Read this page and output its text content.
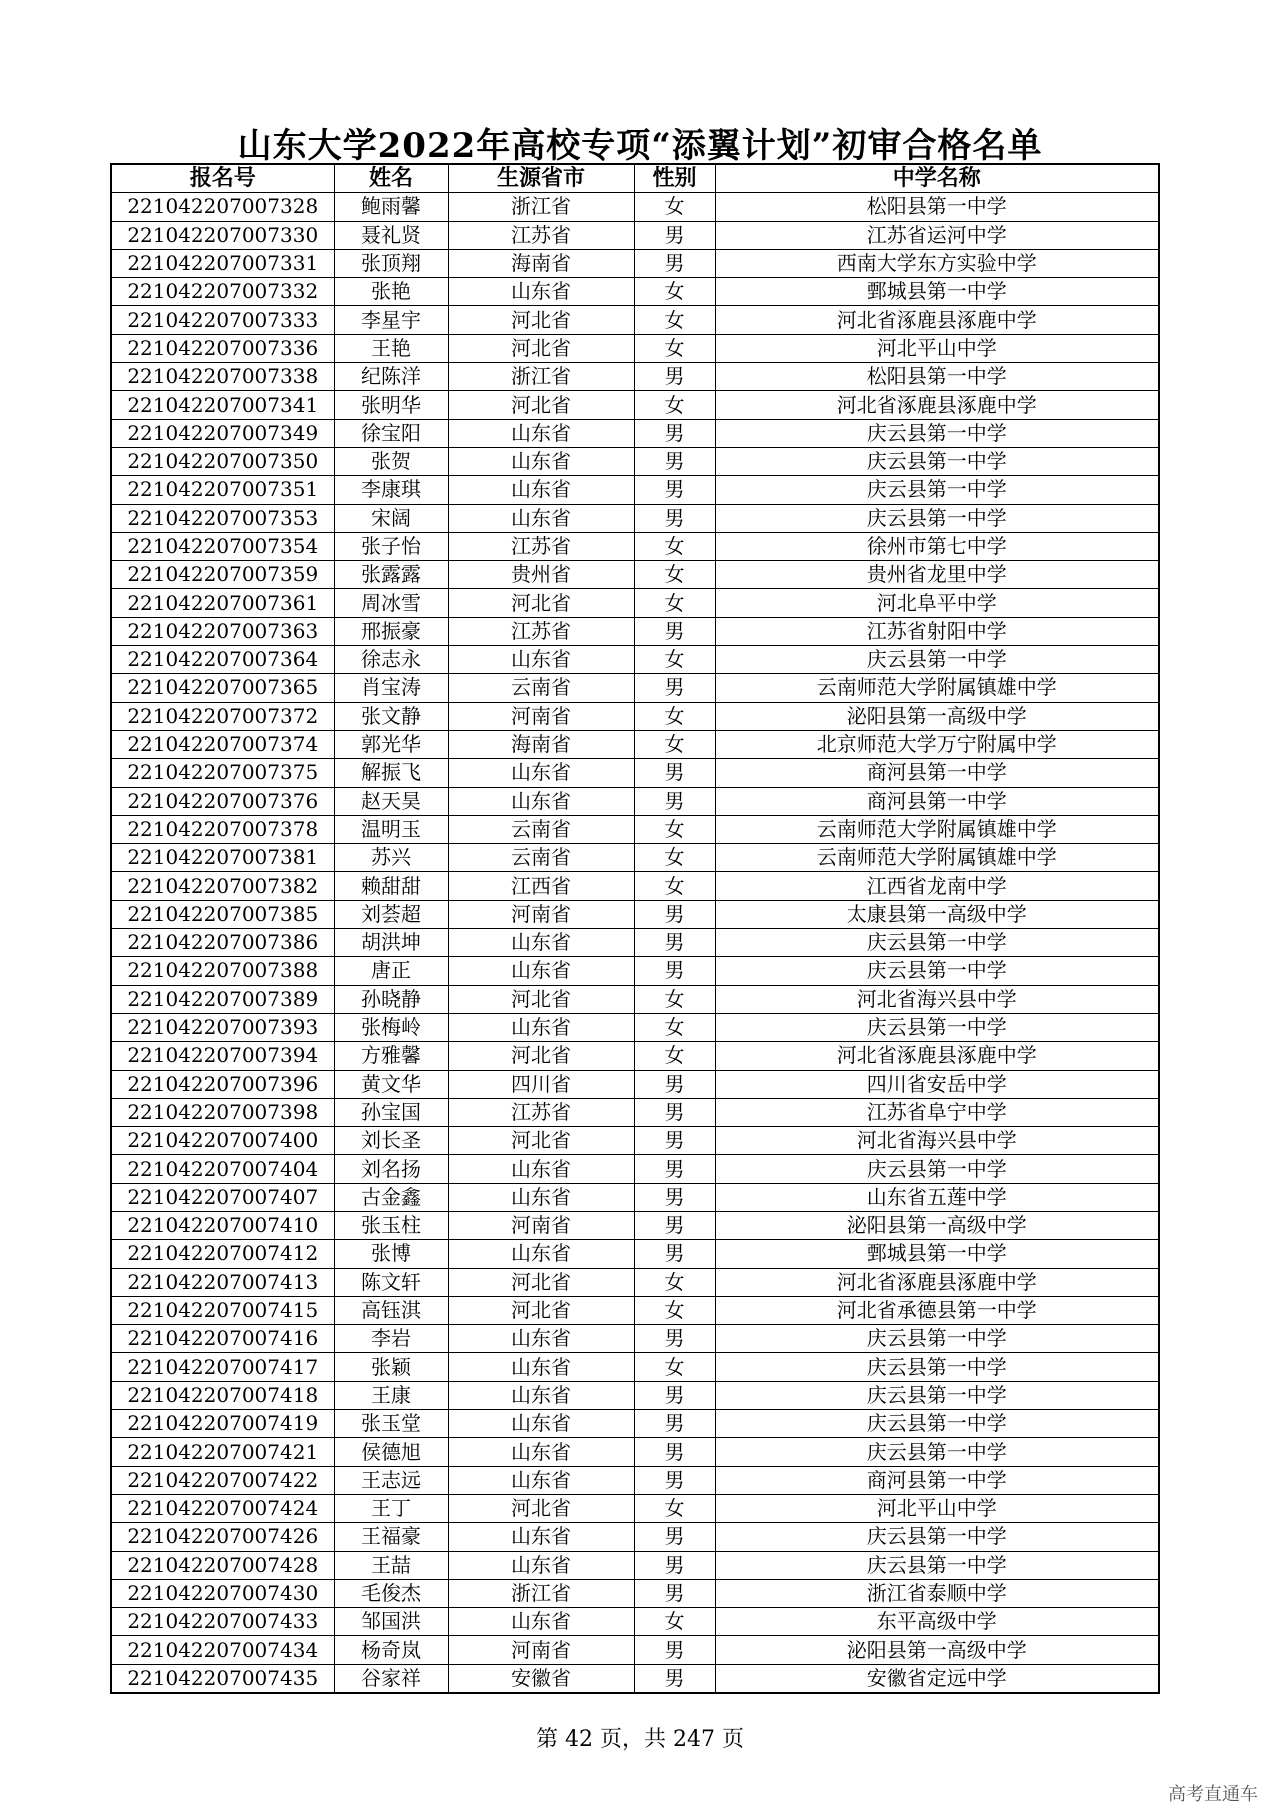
山东大学2022年高校专项“添翼计划”初审合格名单
报名号	姓名	生源省市	性别	中学名称
221042207007328	鲍雨馨	浙江省	女	松阳县第一中学
221042207007330	聂礼贤	江苏省	男	江苏省运河中学
221042207007331	张顶翔	海南省	男	西南大学东方实验中学
221042207007332	张艳	山东省	女	鄄城县第一中学
221042207007333	李星宇	河北省	女	河北省涿鹿县涿鹿中学
221042207007336	王艳	河北省	女	河北平山中学
221042207007338	纪陈洋	浙江省	男	松阳县第一中学
221042207007341	张明华	河北省	女	河北省涿鹿县涿鹿中学
221042207007349	徐宝阳	山东省	男	庆云县第一中学
221042207007350	张贺	山东省	男	庆云县第一中学
221042207007351	李康琪	山东省	男	庆云县第一中学
221042207007353	宋阔	山东省	男	庆云县第一中学
221042207007354	张子怡	江苏省	女	徐州市第七中学
221042207007359	张露露	贵州省	女	贵州省龙里中学
221042207007361	周冰雪	河北省	女	河北阜平中学
221042207007363	邢振豪	江苏省	男	江苏省射阳中学
221042207007364	徐志永	山东省	女	庆云县第一中学
221042207007365	肖宝涛	云南省	男	云南师范大学附属镇雄中学
221042207007372	张文静	河南省	女	泌阳县第一高级中学
221042207007374	郭光华	海南省	女	北京师范大学万宁附属中学
221042207007375	解振飞	山东省	男	商河县第一中学
221042207007376	赵天昊	山东省	男	商河县第一中学
221042207007378	温明玉	云南省	女	云南师范大学附属镇雄中学
221042207007381	苏兴	云南省	女	云南师范大学附属镇雄中学
221042207007382	赖甜甜	江西省	女	江西省龙南中学
221042207007385	刘荟超	河南省	男	太康县第一高级中学
221042207007386	胡洪坤	山东省	男	庆云县第一中学
221042207007388	唐正	山东省	男	庆云县第一中学
221042207007389	孙晓静	河北省	女	河北省海兴县中学
221042207007393	张梅岭	山东省	女	庆云县第一中学
221042207007394	方雅馨	河北省	女	河北省涿鹿县涿鹿中学
221042207007396	黄文华	四川省	男	四川省安岳中学
221042207007398	孙宝国	江苏省	男	江苏省阜宁中学
221042207007400	刘长圣	河北省	男	河北省海兴县中学
221042207007404	刘名扬	山东省	男	庆云县第一中学
221042207007407	古金鑫	山东省	男	山东省五莲中学
221042207007410	张玉柱	河南省	男	泌阳县第一高级中学
221042207007412	张博	山东省	男	鄄城县第一中学
221042207007413	陈文轩	河北省	女	河北省涿鹿县涿鹿中学
221042207007415	高钰淇	河北省	女	河北省承德县第一中学
221042207007416	李岩	山东省	男	庆云县第一中学
221042207007417	张颖	山东省	女	庆云县第一中学
221042207007418	王康	山东省	男	庆云县第一中学
221042207007419	张玉堂	山东省	男	庆云县第一中学
221042207007421	侯德旭	山东省	男	庆云县第一中学
221042207007422	王志远	山东省	男	商河县第一中学
221042207007424	王丁	河北省	女	河北平山中学
221042207007426	王福豪	山东省	男	庆云县第一中学
221042207007428	王喆	山东省	男	庆云县第一中学
221042207007430	毛俊杰	浙江省	男	浙江省泰顺中学
221042207007433	邹国洪	山东省	女	东平高级中学
221042207007434	杨奇岚	河南省	男	泌阳县第一高级中学
221042207007435	谷家祥	安徽省	男	安徽省定远中学
第 42 页，共 247 页
高考直通车
